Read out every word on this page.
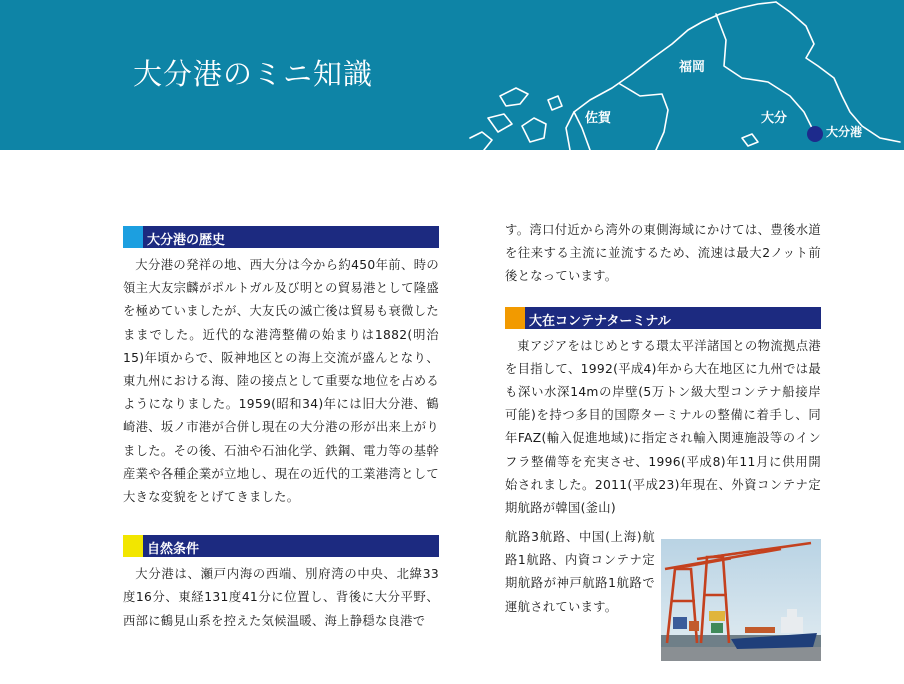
大分港のミニ知識	福岡
佐賀	大分
大分港
大分港の歴史

大分港の発祥の地、西大分は今から約450年前、時の領主大友宗麟がポルトガル及び明との貿易港として隆盛を極めていましたが、大友氏の滅亡後は貿易も衰微したままでした。近代的な港湾整備の始まりは1882(明治15)年頃からで、阪神地区との海上交流が盛んとなり、東九州における海、陸の接点として重要な地位を占めるようになりました。1959(昭和34)年には旧大分港、鶴崎港、坂ノ市港が合併し現在の大分港の形が出来上がりました。その後、石油や石油化学、鉄鋼、電力等の基幹産業や各種企業が立地し、現在の近代的工業港湾として大きな変貌をとげてきました。

自然条件

大分港は、瀬戸内海の西端、別府湾の中央、北緯33度16分、東経131度41分に位置し、背後に大分平野、西部に鶴見山系を控えた気候温暖、海上静穏な良港で

す。湾口付近から湾外の東側海域にかけては、豊後水道を往来する主流に並流するため、流速は最大2ノット前後となっています。

大在コンテナターミナル

東アジアをはじめとする環太平洋諸国との物流拠点港を目指して、1992(平成4)年から大在地区に九州では最も深い水深14mの岸壁(5万トン級大型コンテナ船接岸可能)を持つ多目的国際ターミナルの整備に着手し、同年FAZ(輸入促進地域)に指定され輸入関連施設等のインフラ整備等を充実させ、1996(平成8)年11月に供用開始されました。2011(平成23)年現在、外資コンテナ定期航路が韓国(釜山)

航路3航路、中国(上海)航路1航路、内資コンテナ定期航路が神戸航路1航路で運航されています。
